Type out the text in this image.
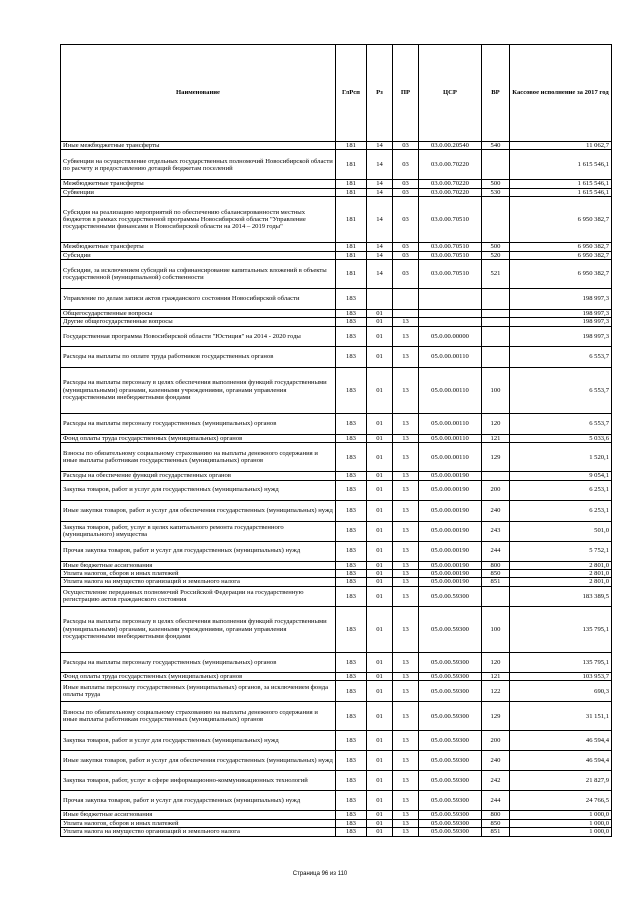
Наименование	ГлРсп	Рз	ПР	ЦСР	ВР	Кассовое исполнение за 2017 год
Иные межбюджетные трансферты	181	14	03	03.0.00.20540	540	11 062,7
Субвенции на осуществление отдельных государственных полномочий Новосибирской области по расчету и предоставлению дотаций бюджетам поселений	181	14	03	03.0.00.70220		1 615 546,1
Межбюджетные трансферты	181	14	03	03.0.00.70220	500	1 615 546,1
Субвенции	181	14	03	03.0.00.70220	530	1 615 546,1
Субсидия на реализацию мероприятий по обеспечению сбалансированности местных бюджетов в рамках государственной программы Новосибирской области "Управление государственными финансами в Новосибирской области на 2014 – 2019 годы"	181	14	03	03.0.00.70510		6 950 382,7
Межбюджетные трансферты	181	14	03	03.0.00.70510	500	6 950 382,7
Субсидии	181	14	03	03.0.00.70510	520	6 950 382,7
Субсидии, за исключением субсидий на софинансирование капитальных вложений в объекты государственной (муниципальной) собственности	181	14	03	03.0.00.70510	521	6 950 382,7
Управление по делам записи актов гражданского состояния Новосибирской области	183					198 997,3
Общегосударственные вопросы	183	01				198 997,3
Другие общегосударственные вопросы	183	01	13			198 997,3
Государственная программа Новосибирской области "Юстиция" на 2014 - 2020 годы	183	01	13	05.0.00.00000		198 997,3
Расходы на выплаты по оплате труда работников государственных органов	183	01	13	05.0.00.00110		6 553,7
Расходы на выплаты персоналу в целях обеспечения выполнения функций государственными (муниципальными) органами, казенными учреждениями, органами управления государственными внебюджетными фондами	183	01	13	05.0.00.00110	100	6 553,7
Расходы на выплаты персоналу государственных (муниципальных) органов	183	01	13	05.0.00.00110	120	6 553,7
Фонд оплаты труда государственных (муниципальных) органов	183	01	13	05.0.00.00110	121	5 033,6
Взносы по обязательному социальному страхованию на выплаты денежного содержания и иные выплаты работникам государственных (муниципальных) органов	183	01	13	05.0.00.00110	129	1 520,1
Расходы на обеспечение функций государственных органов	183	01	13	05.0.00.00190		9 054,1
Закупка товаров, работ и услуг для государственных (муниципальных) нужд	183	01	13	05.0.00.00190	200	6 253,1
Иные закупки товаров, работ и услуг для обеспечения государственных (муниципальных) нужд	183	01	13	05.0.00.00190	240	6 253,1
Закупка товаров, работ, услуг в целях капитального ремонта государственного (муниципального) имущества	183	01	13	05.0.00.00190	243	501,0
Прочая закупка товаров, работ и услуг для государственных (муниципальных) нужд	183	01	13	05.0.00.00190	244	5 752,1
Иные бюджетные ассигнования	183	01	13	05.0.00.00190	800	2 801,0
Уплата налогов, сборов и иных платежей	183	01	13	05.0.00.00190	850	2 801,0
Уплата налога на имущество организаций и земельного налога	183	01	13	05.0.00.00190	851	2 801,0
Осуществление переданных полномочий Российской Федерации на государственную регистрацию актов гражданского состояния	183	01	13	05.0.00.59300		183 389,5
Расходы на выплаты персоналу в целях обеспечения выполнения функций государственными (муниципальными) органами, казенными учреждениями, органами управления государственными внебюджетными фондами	183	01	13	05.0.00.59300	100	135 795,1
Расходы на выплаты персоналу государственных (муниципальных) органов	183	01	13	05.0.00.59300	120	135 795,1
Фонд оплаты труда государственных (муниципальных) органов	183	01	13	05.0.00.59300	121	103 953,7
Иные выплаты персоналу государственных (муниципальных) органов, за исключением фонда оплаты труда	183	01	13	05.0.00.59300	122	690,3
Взносы по обязательному социальному страхованию на выплаты денежного содержания и иные выплаты работникам государственных (муниципальных) органов	183	01	13	05.0.00.59300	129	31 151,1
Закупка товаров, работ и услуг для государственных (муниципальных) нужд	183	01	13	05.0.00.59300	200	46 594,4
Иные закупки товаров, работ и услуг для обеспечения государственных (муниципальных) нужд	183	01	13	05.0.00.59300	240	46 594,4
Закупка товаров, работ, услуг в сфере информационно-коммуникационных технологий	183	01	13	05.0.00.59300	242	21 827,9
Прочая закупка товаров, работ и услуг для государственных (муниципальных) нужд	183	01	13	05.0.00.59300	244	24 766,5
Иные бюджетные ассигнования	183	01	13	05.0.00.59300	800	1 000,0
Уплата налогов, сборов и иных платежей	183	01	13	05.0.00.59300	850	1 000,0
Уплата налога на имущество организаций и земельного налога	183	01	13	05.0.00.59300	851	1 000,0
Страница 96 из 110
